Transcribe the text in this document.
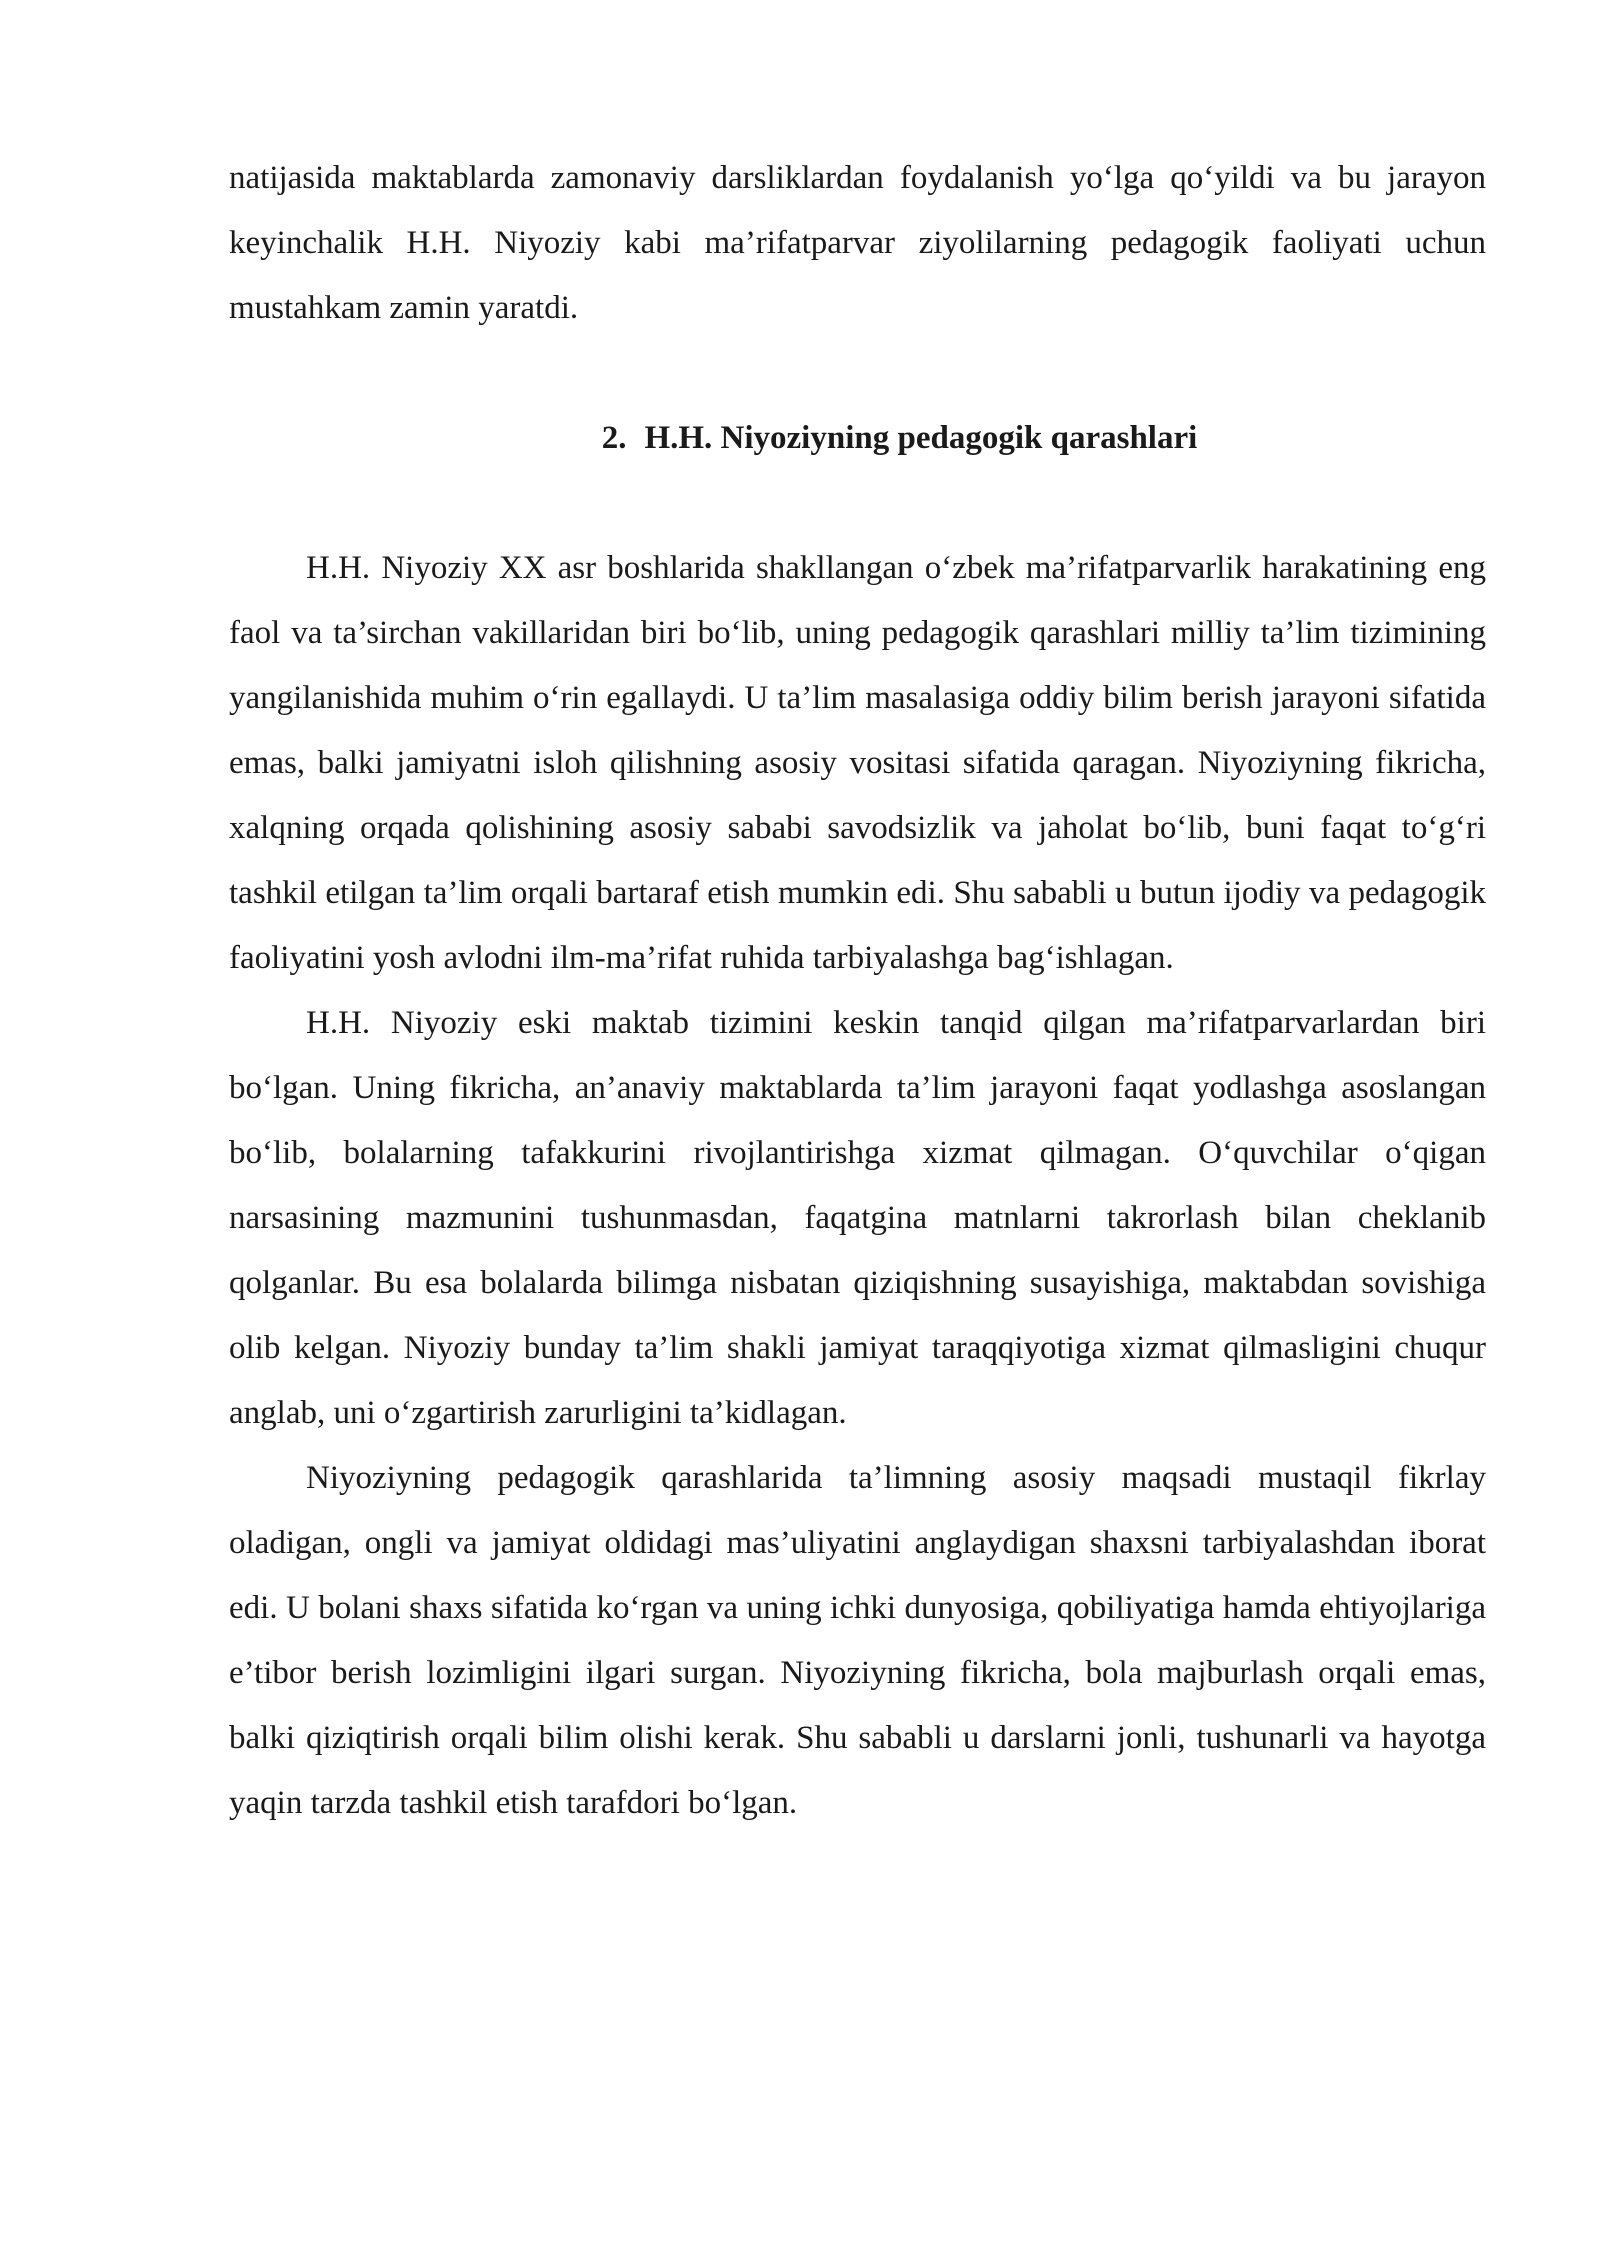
natijasida maktablarda zamonaviy darsliklardan foydalanish yo‘lga qo‘yildi va bu jarayon keyinchalik H.H. Niyoziy kabi ma’rifatparvar ziyolilarning pedagogik faoliyati uchun mustahkam zamin yaratdi.

2. H.H. Niyoziyning pedagogik qarashlari

H.H. Niyoziy XX asr boshlarida shakllangan o‘zbek ma’rifatparvarlik harakatining eng faol va ta’sirchan vakillaridan biri bo‘lib, uning pedagogik qarashlari milliy ta’lim tizimining yangilanishida muhim o‘rin egallaydi. U ta’lim masalasiga oddiy bilim berish jarayoni sifatida emas, balki jamiyatni isloh qilishning asosiy vositasi sifatida qaragan. Niyoziyning fikricha, xalqning orqada qolishining asosiy sababi savodsizlik va jaholat bo‘lib, buni faqat to‘g‘ri tashkil etilgan ta’lim orqali bartaraf etish mumkin edi. Shu sababli u butun ijodiy va pedagogik faoliyatini yosh avlodni ilm-ma’rifat ruhida tarbiyalashga bag‘ishlagan.

H.H. Niyoziy eski maktab tizimini keskin tanqid qilgan ma’rifatparvarlardan biri bo‘lgan. Uning fikricha, an’anaviy maktablarda ta’lim jarayoni faqat yodlashga asoslangan bo‘lib, bolalarning tafakkurini rivojlantirishga xizmat qilmagan. O‘quvchilar o‘qigan narsasining mazmunini tushunmasdan, faqatgina matnlarni takrorlash bilan cheklanib qolganlar. Bu esa bolalarda bilimga nisbatan qiziqishning susayishiga, maktabdan sovishiga olib kelgan. Niyoziy bunday ta’lim shakli jamiyat taraqqiyotiga xizmat qilmasligini chuqur anglab, uni o‘zgartirish zarurligini ta’kidlagan.

Niyoziyning pedagogik qarashlarida ta’limning asosiy maqsadi mustaqil fikrlay oladigan, ongli va jamiyat oldidagi mas’uliyatini anglaydigan shaxsni tarbiyalashdan iborat edi. U bolani shaxs sifatida ko‘rgan va uning ichki dunyosiga, qobiliyatiga hamda ehtiyojlariga e’tibor berish lozimligini ilgari surgan. Niyoziyning fikricha, bola majburlash orqali emas, balki qiziqtirish orqali bilim olishi kerak. Shu sababli u darslarni jonli, tushunarli va hayotga yaqin tarzda tashkil etish tarafdori bo‘lgan.
